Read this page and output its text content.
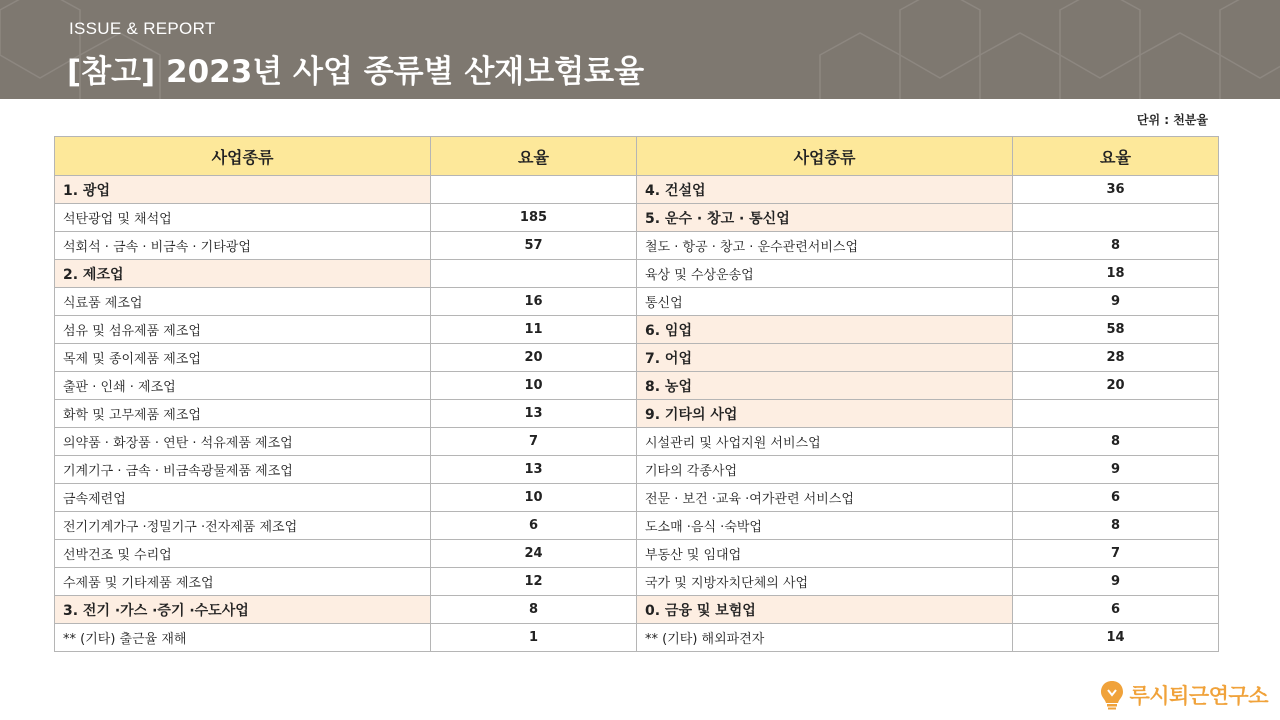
ISSUE & REPORT
[참고] 2023년 사업 종류별 산재보험료율
단위 : 천분율
사업종류	요율	사업종류	요율
1. 광업		4. 건설업	36
석탄광업 및 채석업	185	5. 운수 · 창고 · 통신업	
석회석 · 금속 · 비금속 · 기타광업	57	철도 · 항공 · 창고 · 운수관련서비스업	8
2. 제조업		육상 및 수상운송업	18
식료품 제조업	16	통신업	9
섬유 및 섬유제품 제조업	11	6. 임업	58
목제 및 종이제품 제조업	20	7. 어업	28
출판 · 인쇄 · 제조업	10	8. 농업	20
화학 및 고무제품 제조업	13	9. 기타의 사업	
의약품 · 화장품 · 연탄 · 석유제품 제조업	7	시설관리 및 사업지원 서비스업	8
기계기구 · 금속 · 비금속광물제품 제조업	13	기타의 각종사업	9
금속제련업	10	전문 · 보건 ·교육 ·여가관련 서비스업	6
전기기계가구 ·정밀기구 ·전자제품 제조업	6	도소매 ·음식 ·숙박업	8
선박건조 및 수리업	24	부동산 및 임대업	7
수제품 및 기타제품 제조업	12	국가 및 지방자치단체의 사업	9
3. 전기 ·가스 ·증기 ·수도사업	8	0. 금융 및 보험업	6
** (기타) 출근율 재해	1	** (기타) 해외파견자	14
루시퇴근연구소
